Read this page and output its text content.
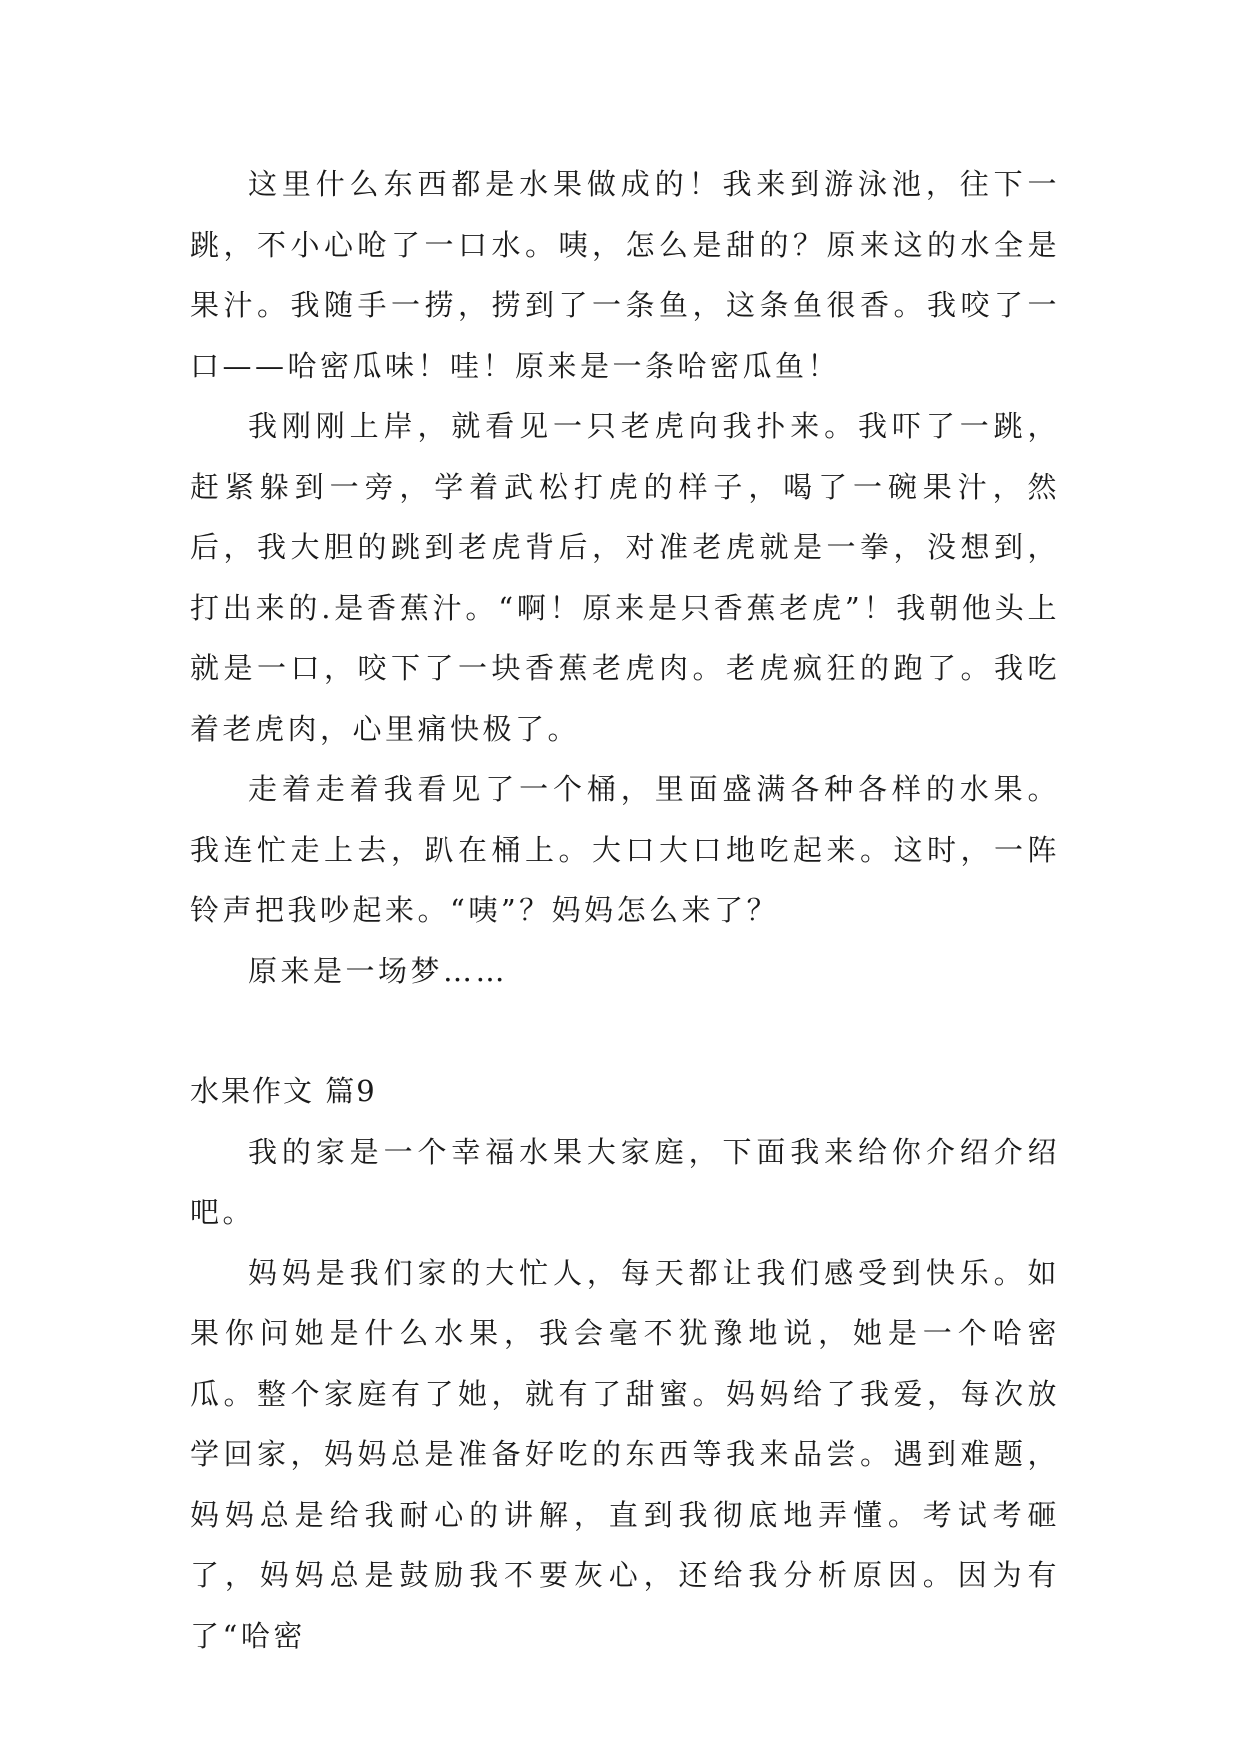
这里什么东西都是水果做成的！我来到游泳池，往下一跳，不小心呛了一口水。咦，怎么是甜的？原来这的水全是果汁。我随手一捞，捞到了一条鱼，这条鱼很香。我咬了一口——哈密瓜味！哇！原来是一条哈密瓜鱼！

我刚刚上岸，就看见一只老虎向我扑来。我吓了一跳，赶紧躲到一旁，学着武松打虎的样子，喝了一碗果汁，然后，我大胆的跳到老虎背后，对准老虎就是一拳，没想到，打出来的.是香蕉汁。“啊！原来是只香蕉老虎”！我朝他头上就是一口，咬下了一块香蕉老虎肉。老虎疯狂的跑了。我吃着老虎肉，心里痛快极了。

走着走着我看见了一个桶，里面盛满各种各样的水果。我连忙走上去，趴在桶上。大口大口地吃起来。这时，一阵铃声把我吵起来。“咦”？妈妈怎么来了？

原来是一场梦……

水果作文 篇9

我的家是一个幸福水果大家庭，下面我来给你介绍介绍吧。

妈妈是我们家的大忙人，每天都让我们感受到快乐。如果你问她是什么水果，我会毫不犹豫地说，她是一个哈密瓜。整个家庭有了她，就有了甜蜜。妈妈给了我爱，每次放学回家，妈妈总是准备好吃的东西等我来品尝。遇到难题，妈妈总是给我耐心的讲解，直到我彻底地弄懂。考试考砸了，妈妈总是鼓励我不要灰心，还给我分析原因。因为有了“哈密
